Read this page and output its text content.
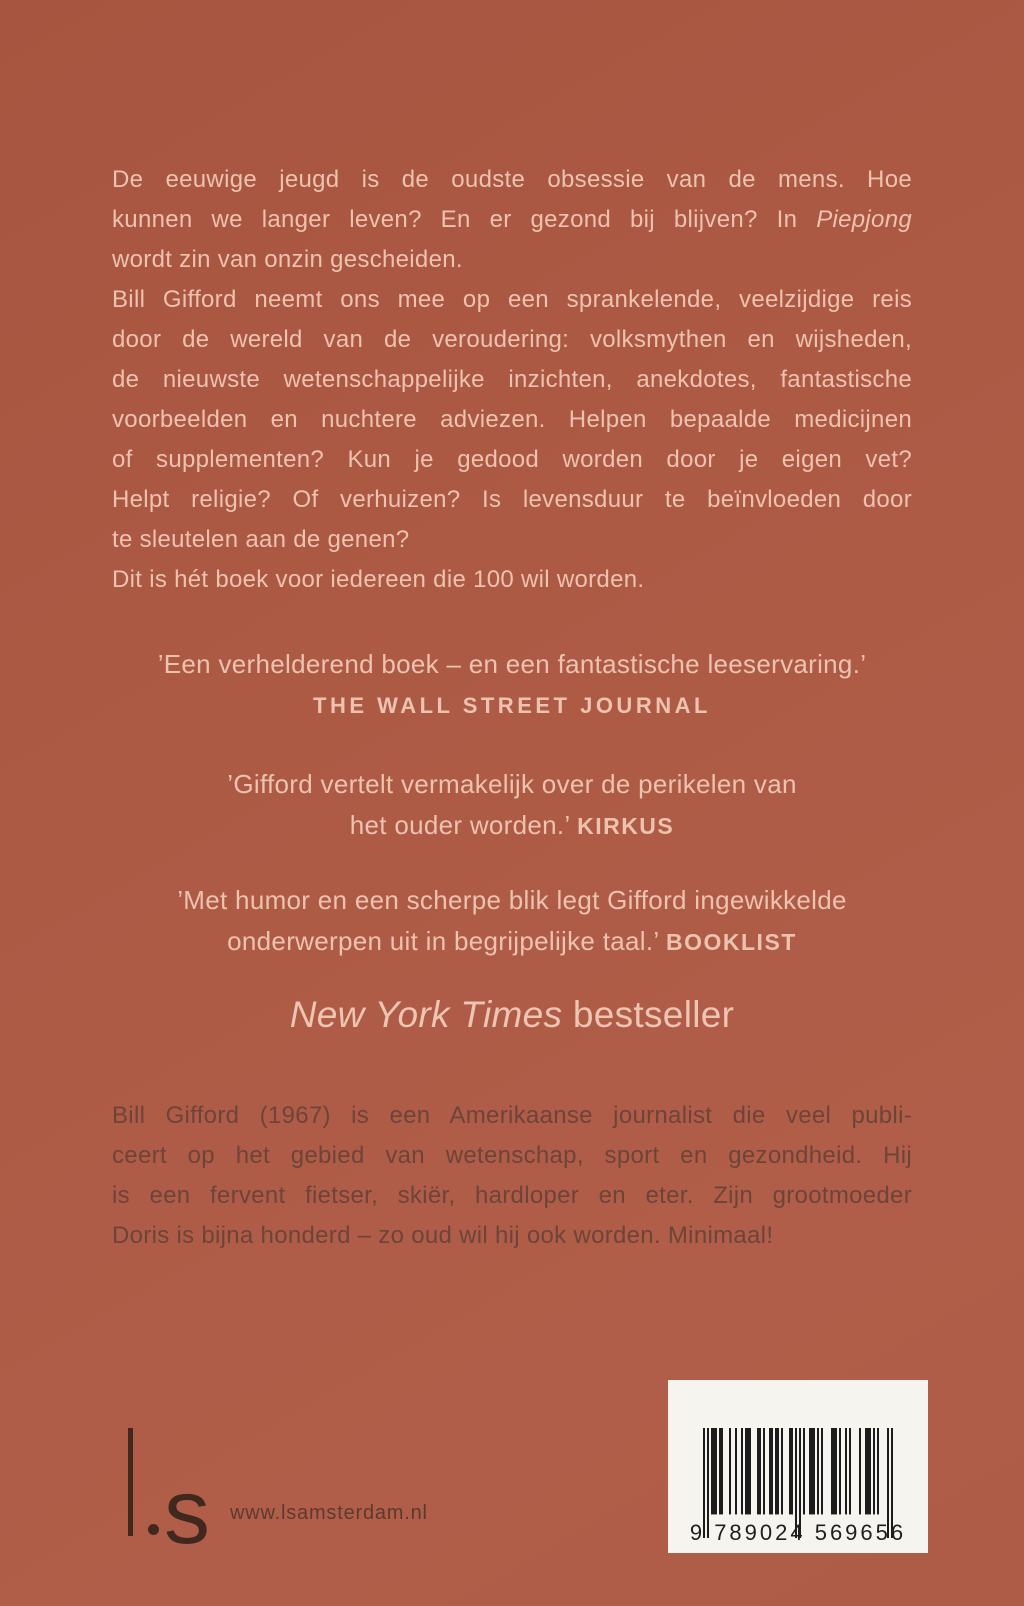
De eeuwige jeugd is de oudste obsessie van de mens. Hoe
kunnen we langer leven? En er gezond bij blijven? In Piepjong
wordt zin van onzin gescheiden.
Bill Gifford neemt ons mee op een sprankelende, veelzijdige reis
door de wereld van de veroudering: volksmythen en wijsheden,
de nieuwste wetenschappelijke inzichten, anekdotes, fantastische
voorbeelden en nuchtere adviezen. Helpen bepaalde medicijnen
of supplementen? Kun je gedood worden door je eigen vet?
Helpt religie? Of verhuizen? Is levensduur te beïnvloeden door
te sleutelen aan de genen?
Dit is hét boek voor iedereen die 100 wil worden.
’Een verhelderend boek – en een fantastische leeservaring.’
THE WALL STREET JOURNAL
’Gifford vertelt vermakelijk over de perikelen van
het ouder worden.’ KIRKUS
’Met humor en een scherpe blik legt Gifford ingewikkelde
onderwerpen uit in begrijpelijke taal.’ BOOKLIST
New York Times bestseller
Bill Gifford (1967) is een Amerikaanse journalist die veel publi-
ceert op het gebied van wetenschap, sport en gezondheid. Hij
is een fervent fietser, skiër, hardloper en eter. Zijn grootmoeder
Doris is bijna honderd – zo oud wil hij ook worden. Minimaal!
s www.lsamsterdam.nl
9 789024 569656
